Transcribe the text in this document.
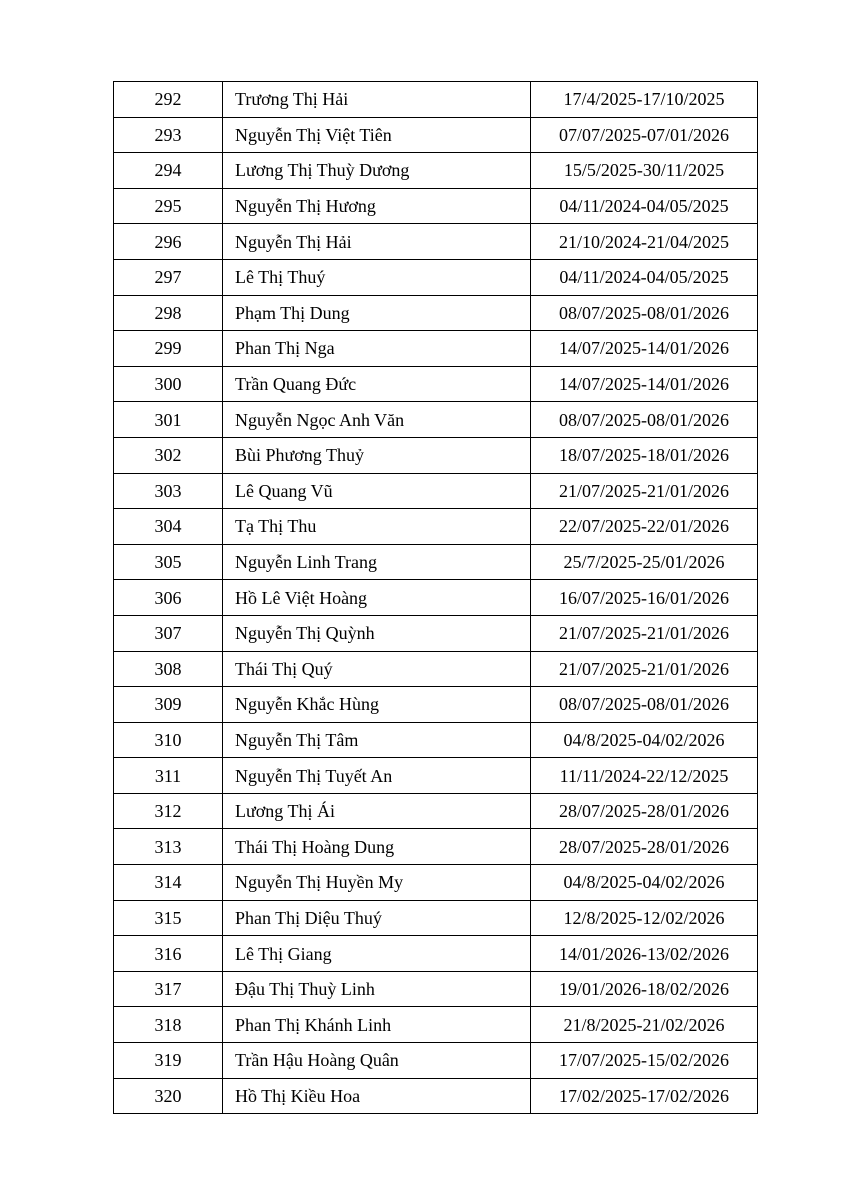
292	Trương Thị Hải	17/4/2025-17/10/2025
293	Nguyễn Thị Việt Tiên	07/07/2025-07/01/2026
294	Lương Thị Thuỳ Dương	15/5/2025-30/11/2025
295	Nguyễn Thị Hương	04/11/2024-04/05/2025
296	Nguyễn Thị Hải	21/10/2024-21/04/2025
297	Lê Thị Thuý	04/11/2024-04/05/2025
298	Phạm Thị Dung	08/07/2025-08/01/2026
299	Phan Thị Nga	14/07/2025-14/01/2026
300	Trần Quang Đức	14/07/2025-14/01/2026
301	Nguyễn Ngọc Anh Văn	08/07/2025-08/01/2026
302	Bùi Phương Thuỷ	18/07/2025-18/01/2026
303	Lê Quang Vũ	21/07/2025-21/01/2026
304	Tạ Thị Thu	22/07/2025-22/01/2026
305	Nguyễn Linh Trang	25/7/2025-25/01/2026
306	Hồ Lê Việt Hoàng	16/07/2025-16/01/2026
307	Nguyễn Thị Quỳnh	21/07/2025-21/01/2026
308	Thái Thị Quý	21/07/2025-21/01/2026
309	Nguyễn Khắc Hùng	08/07/2025-08/01/2026
310	Nguyễn Thị Tâm	04/8/2025-04/02/2026
311	Nguyễn Thị Tuyết An	11/11/2024-22/12/2025
312	Lương Thị Ái	28/07/2025-28/01/2026
313	Thái Thị Hoàng Dung	28/07/2025-28/01/2026
314	Nguyễn Thị Huyền My	04/8/2025-04/02/2026
315	Phan Thị Diệu Thuý	12/8/2025-12/02/2026
316	Lê Thị Giang	14/01/2026-13/02/2026
317	Đậu Thị Thuỳ Linh	19/01/2026-18/02/2026
318	Phan Thị Khánh Linh	21/8/2025-21/02/2026
319	Trần Hậu Hoàng Quân	17/07/2025-15/02/2026
320	Hồ Thị Kiều Hoa	17/02/2025-17/02/2026
